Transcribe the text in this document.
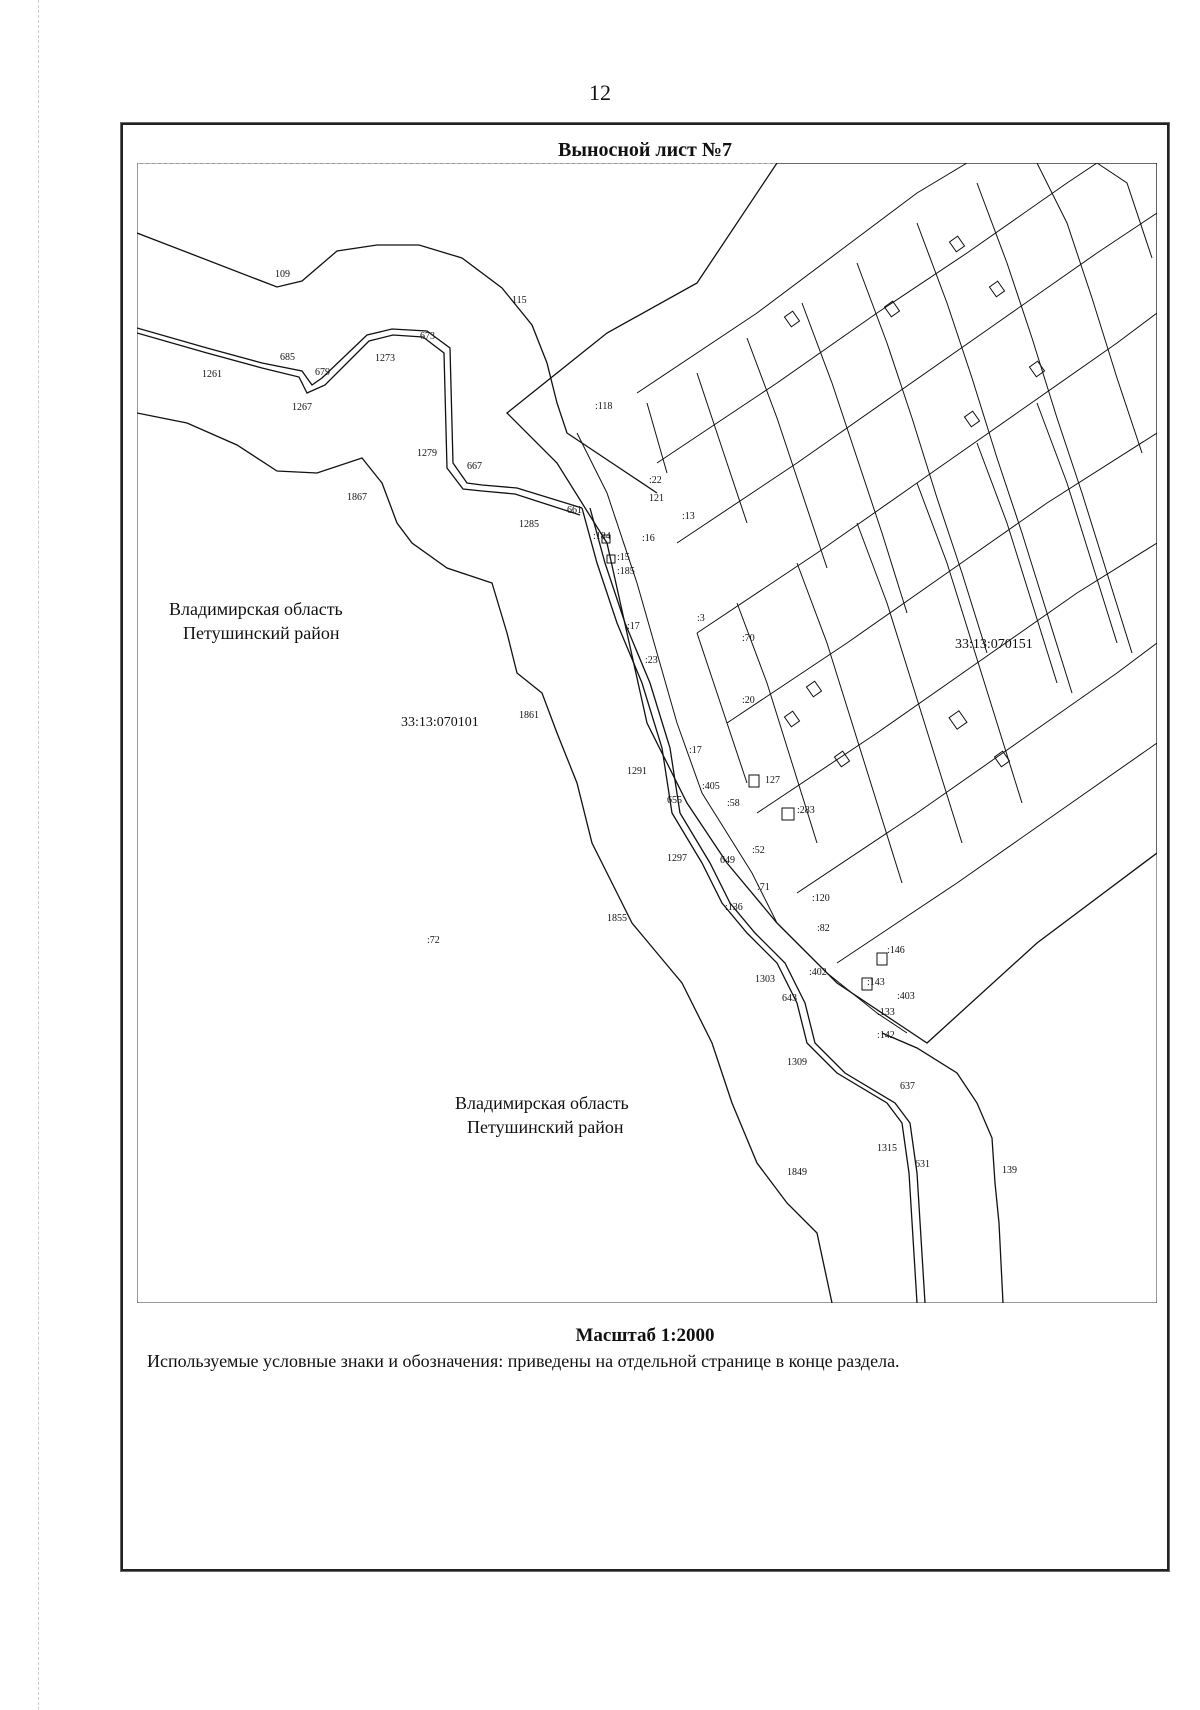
12
Выносной лист №7
Владимирская область
Петушинский район
Владимирская область
Петушинский район
33:13:070101
33:13:070151
:118
:22
121
:13
:184	:16
:15
:185
:17
:3
:70
:23
:20
:17
:405
127
:58
:283
:52
:71
:136
:120
:82
:146
:402
:143
:403
:133
:142
:72
109
115
673
685
679
1273
1261
1267
1279
667
1867
661
1285
1861
1291
655
1297	649
1855
1303
643
1309
637
1315
631
1849	139
Масштаб 1:2000
Используемые условные знаки и обозначения: приведены на отдельной странице в конце раздела.
